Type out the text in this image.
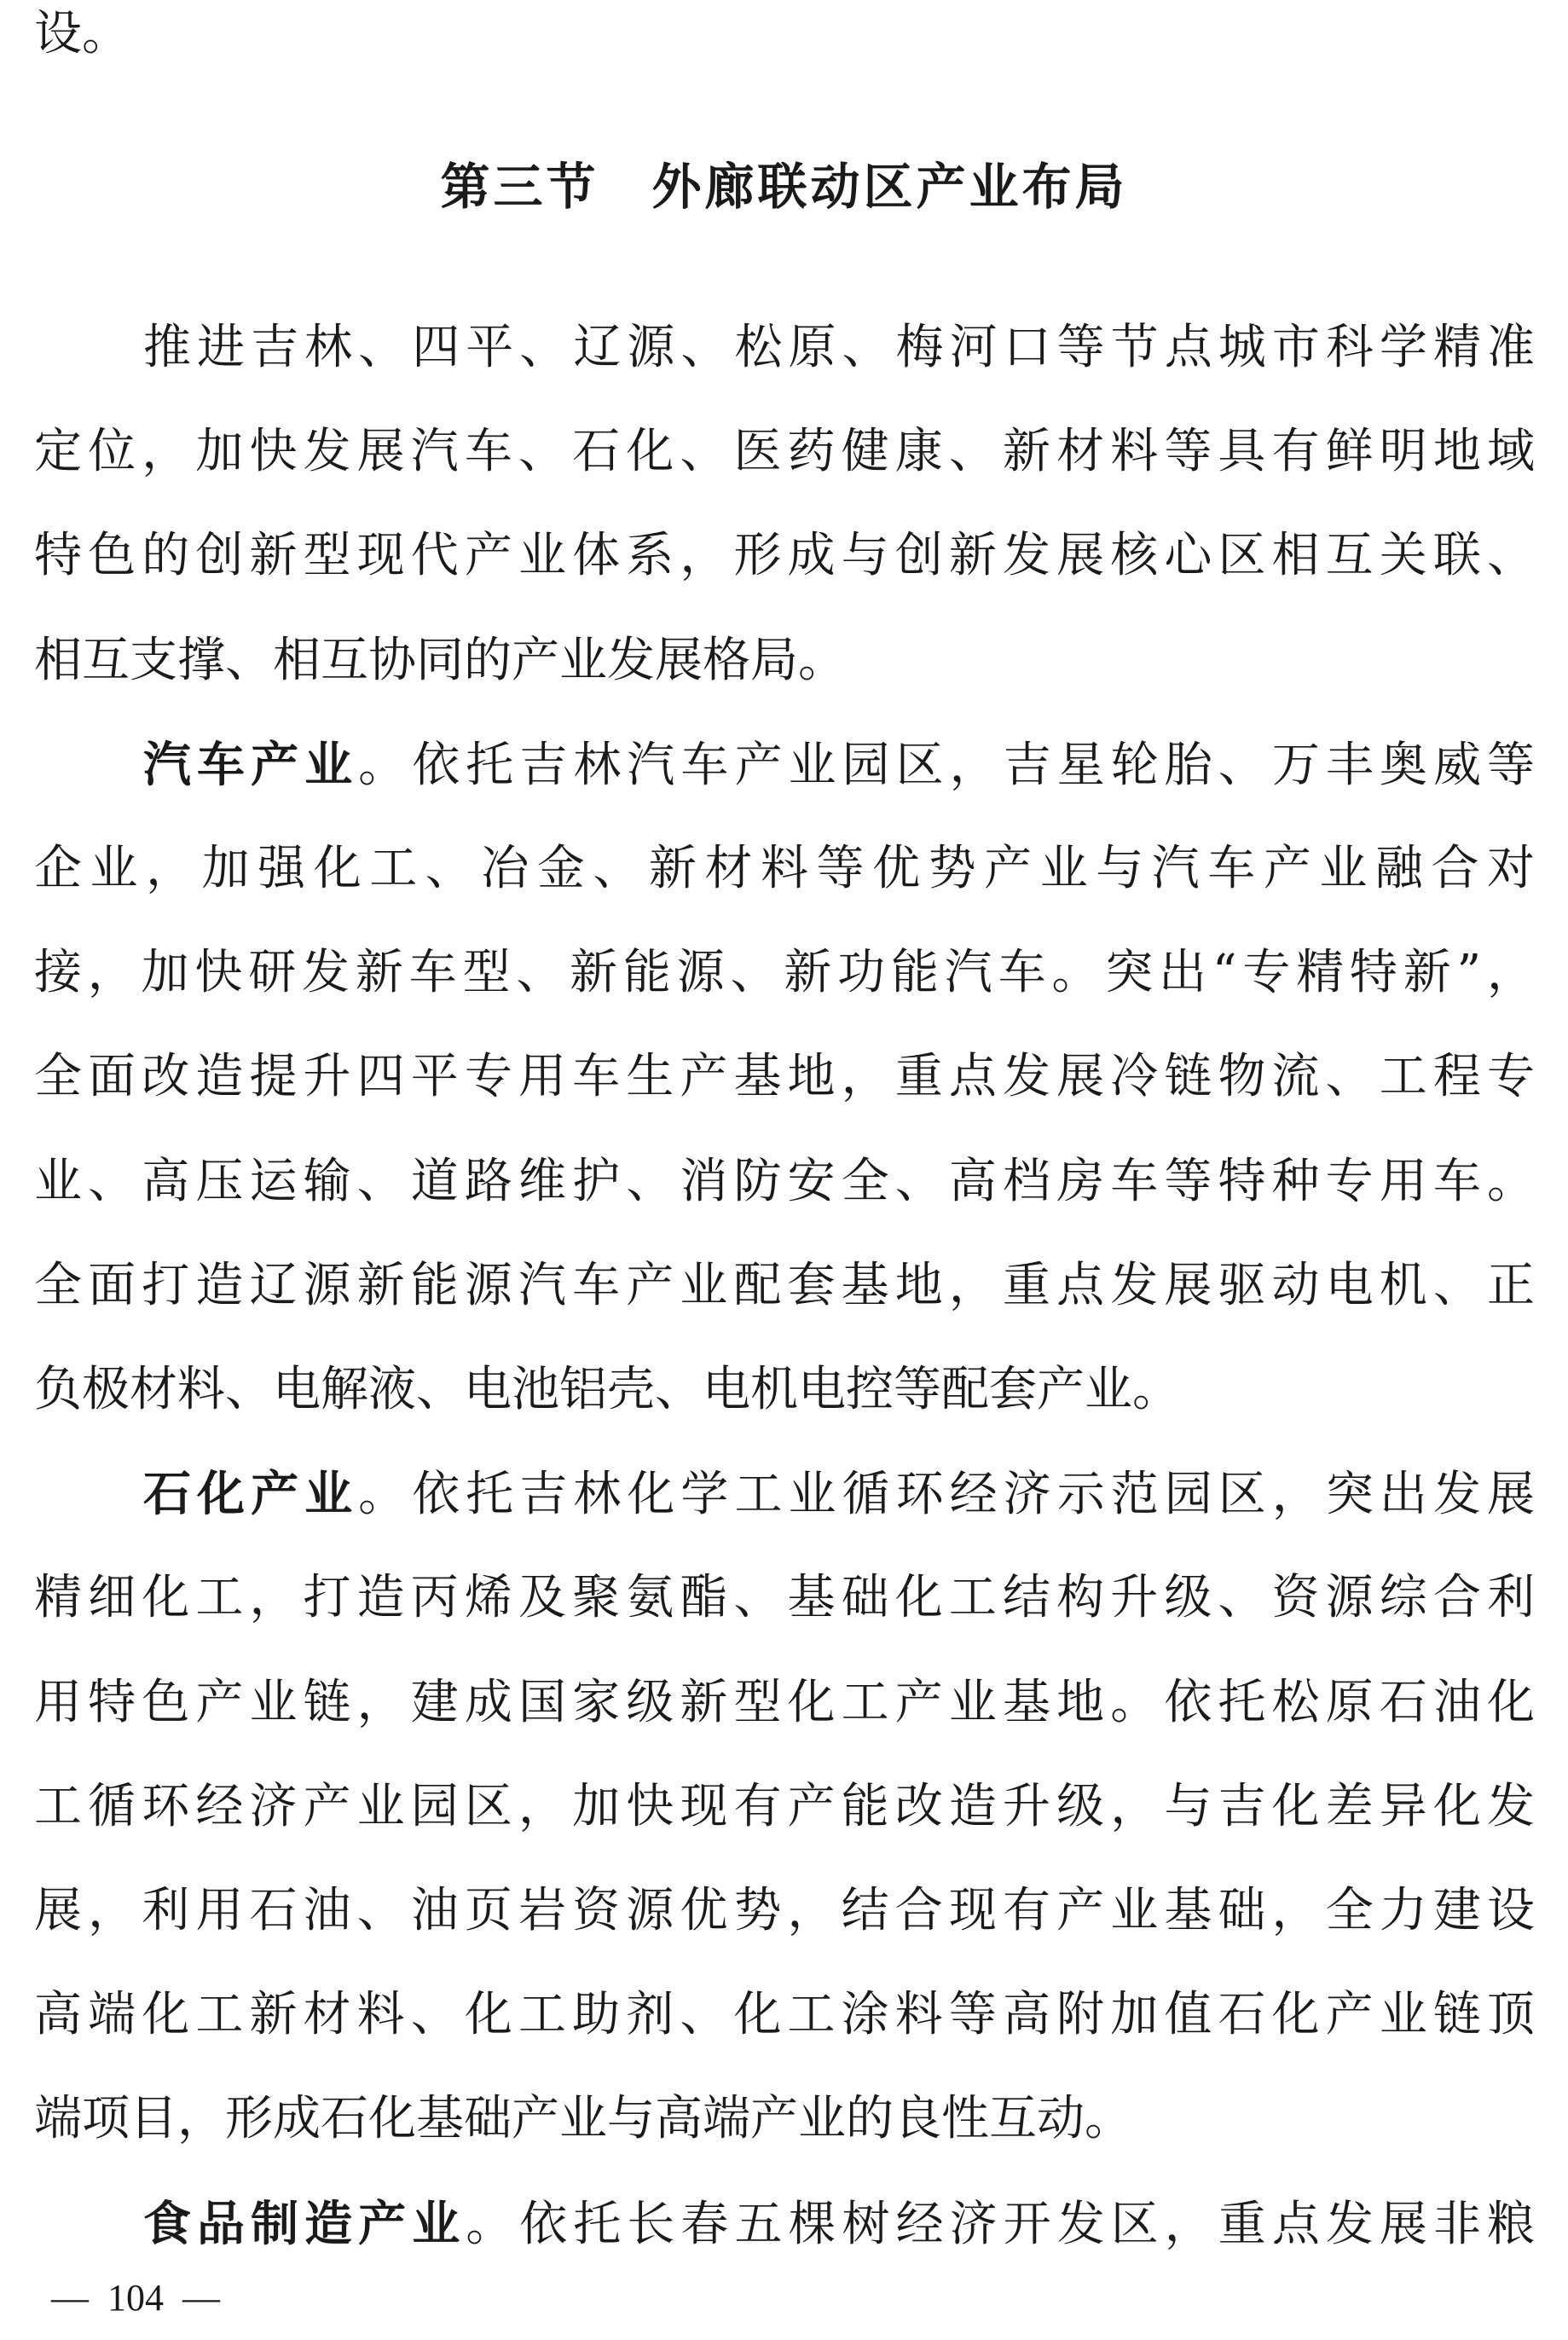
设。
第三节　外廊联动区产业布局
推进吉林、四平、辽源、松原、梅河口等节点城市科学精准
定位，加快发展汽车、石化、医药健康、新材料等具有鲜明地域
特色的创新型现代产业体系，形成与创新发展核心区相互关联、
相互支撑、相互协同的产业发展格局。
汽车产业。依托吉林汽车产业园区，吉星轮胎、万丰奥威等
企业，加强化工、冶金、新材料等优势产业与汽车产业融合对
接，加快研发新车型、新能源、新功能汽车。突出“专精特新”，
全面改造提升四平专用车生产基地，重点发展冷链物流、工程专
业、高压运输、道路维护、消防安全、高档房车等特种专用车。
全面打造辽源新能源汽车产业配套基地，重点发展驱动电机、正
负极材料、电解液、电池铝壳、电机电控等配套产业。
石化产业。依托吉林化学工业循环经济示范园区，突出发展
精细化工，打造丙烯及聚氨酯、基础化工结构升级、资源综合利
用特色产业链，建成国家级新型化工产业基地。依托松原石油化
工循环经济产业园区，加快现有产能改造升级，与吉化差异化发
展，利用石油、油页岩资源优势，结合现有产业基础，全力建设
高端化工新材料、化工助剂、化工涂料等高附加值石化产业链顶
端项目，形成石化基础产业与高端产业的良性互动。
—  104  —
食品制造产业。依托长春五棵树经济开发区，重点发展非粮
